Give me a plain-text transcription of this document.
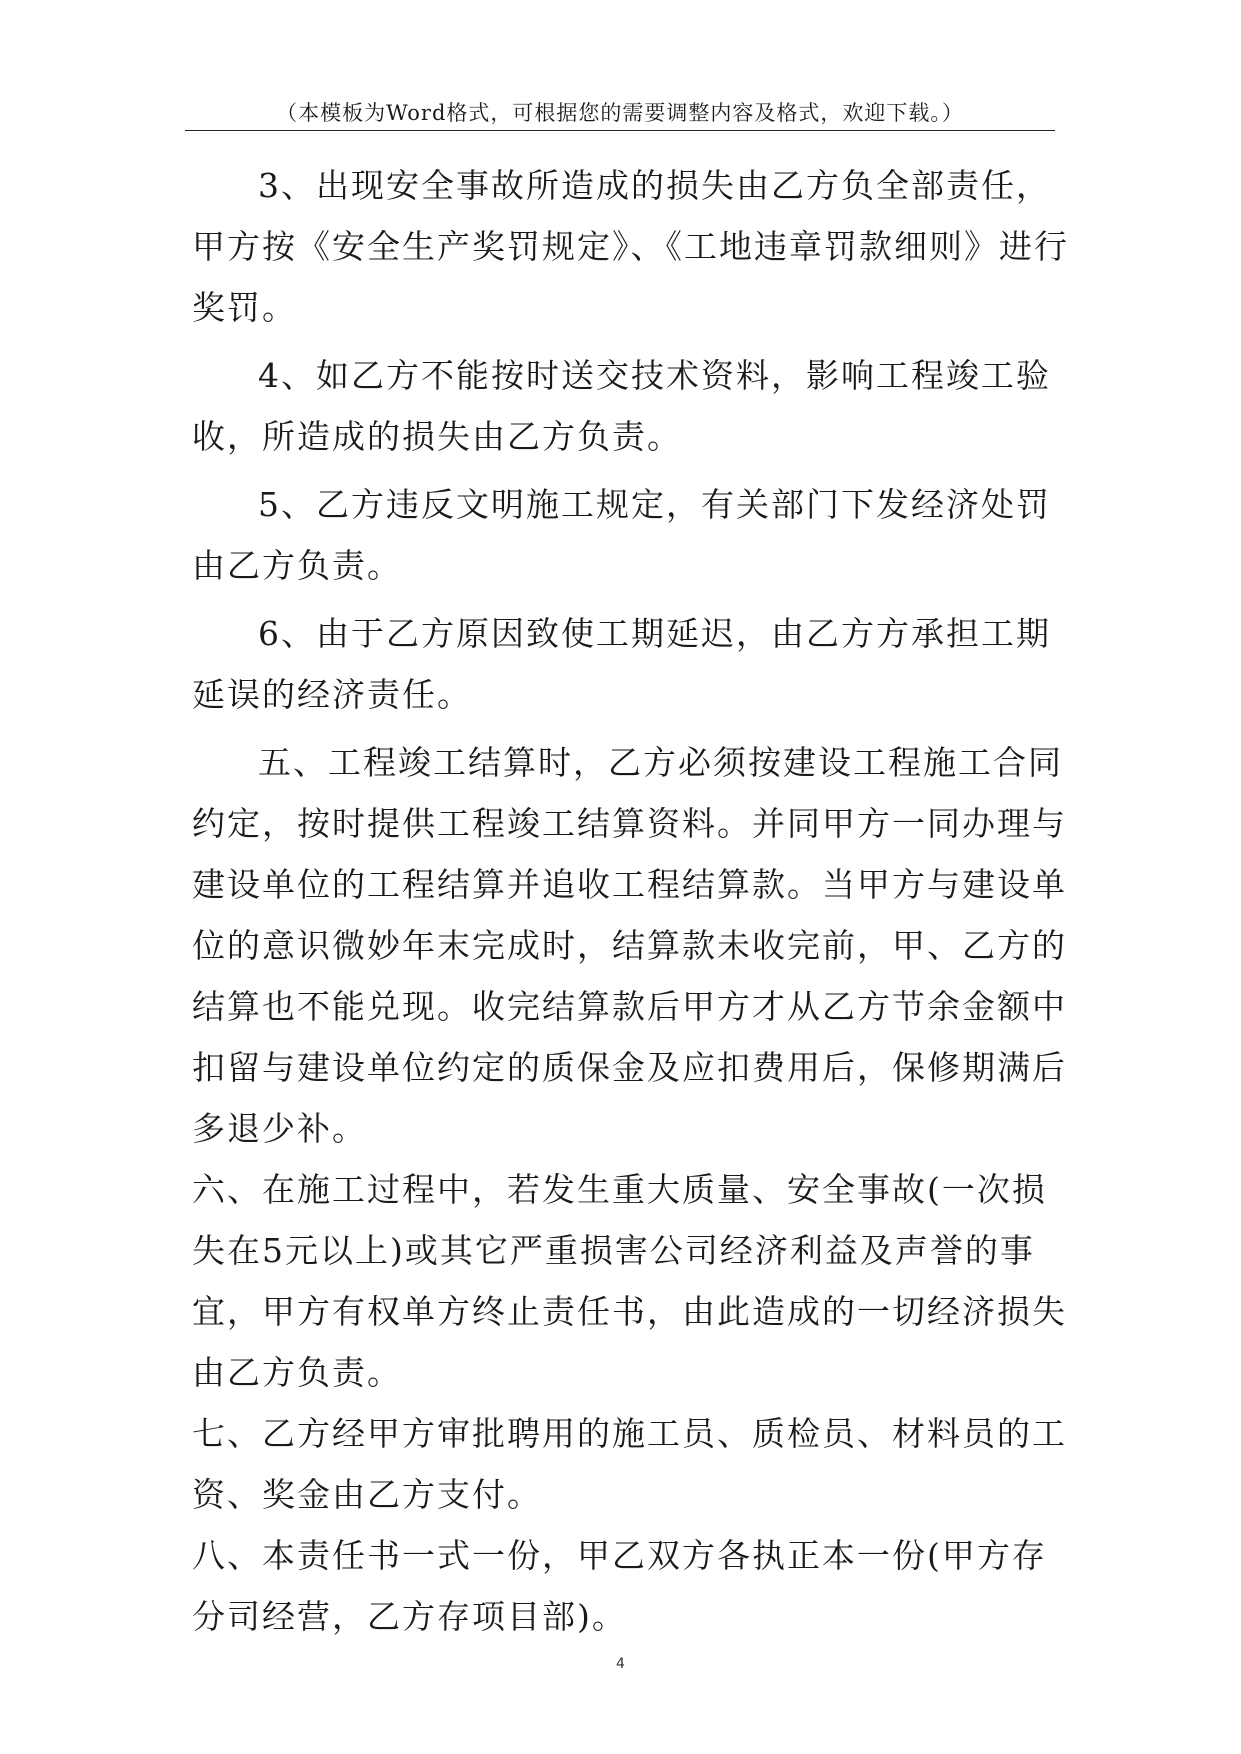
（本模板为Word格式，可根据您的需要调整内容及格式，欢迎下载。）

3、出现安全事故所造成的损失由乙方负全部责任，甲方按《安全生产奖罚规定》、《工地违章罚款细则》进行奖罚。

4、如乙方不能按时送交技术资料，影响工程竣工验收，所造成的损失由乙方负责。

5、乙方违反文明施工规定，有关部门下发经济处罚由乙方负责。

6、由于乙方原因致使工期延迟，由乙方方承担工期延误的经济责任。

五、工程竣工结算时，乙方必须按建设工程施工合同约定，按时提供工程竣工结算资料。并同甲方一同办理与建设单位的工程结算并追收工程结算款。当甲方与建设单位的意识微妙年末完成时，结算款未收完前，甲、乙方的结算也不能兑现。收完结算款后甲方才从乙方节余金额中扣留与建设单位约定的质保金及应扣费用后，保修期满后多退少补。

六、在施工过程中，若发生重大质量、安全事故(一次损失在5元以上)或其它严重损害公司经济利益及声誉的事宜，甲方有权单方终止责任书，由此造成的一切经济损失由乙方负责。

七、乙方经甲方审批聘用的施工员、质检员、材料员的工资、奖金由乙方支付。

八、本责任书一式一份，甲乙双方各执正本一份(甲方存分司经营，乙方存项目部)。

4
